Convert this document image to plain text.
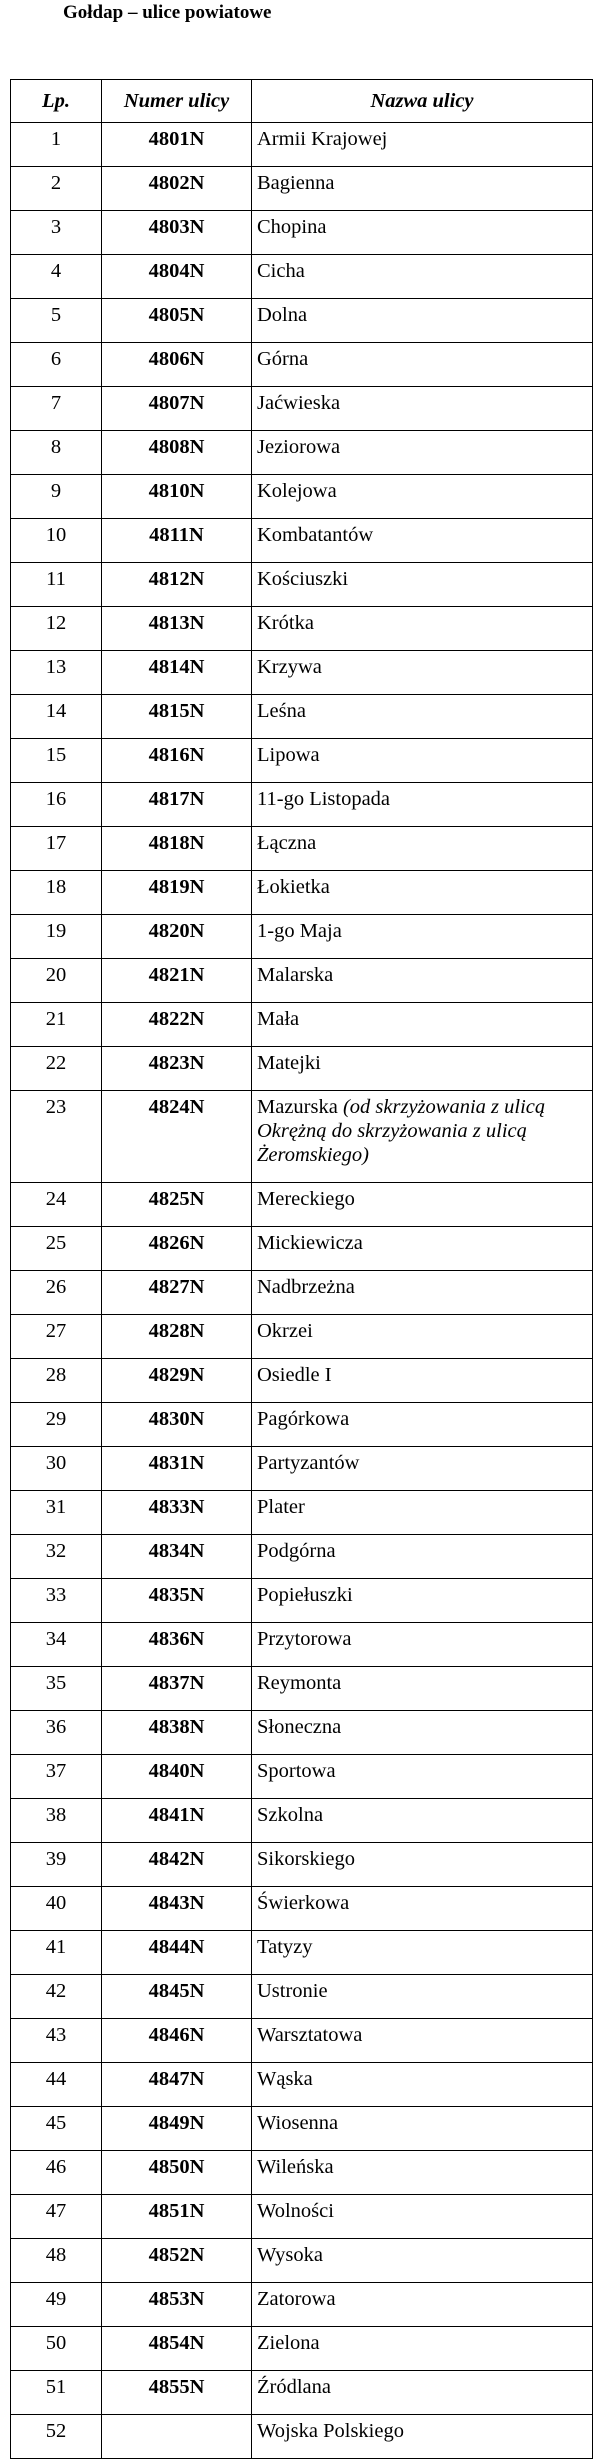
Gołdap – ulice powiatowe
Lp.	Numer ulicy	Nazwa ulicy
1	4801N	Armii Krajowej
2	4802N	Bagienna
3	4803N	Chopina
4	4804N	Cicha
5	4805N	Dolna
6	4806N	Górna
7	4807N	Jaćwieska
8	4808N	Jeziorowa
9	4810N	Kolejowa
10	4811N	Kombatantów
11	4812N	Kościuszki
12	4813N	Krótka
13	4814N	Krzywa
14	4815N	Leśna
15	4816N	Lipowa
16	4817N	11-go Listopada
17	4818N	Łączna
18	4819N	Łokietka
19	4820N	1-go Maja
20	4821N	Malarska
21	4822N	Mała
22	4823N	Matejki
23	4824N	Mazurska (od skrzyżowania z ulicą Okrężną do skrzyżowania z ulicą Żeromskiego)
24	4825N	Mereckiego
25	4826N	Mickiewicza
26	4827N	Nadbrzeżna
27	4828N	Okrzei
28	4829N	Osiedle I
29	4830N	Pagórkowa
30	4831N	Partyzantów
31	4833N	Plater
32	4834N	Podgórna
33	4835N	Popiełuszki
34	4836N	Przytorowa
35	4837N	Reymonta
36	4838N	Słoneczna
37	4840N	Sportowa
38	4841N	Szkolna
39	4842N	Sikorskiego
40	4843N	Świerkowa
41	4844N	Tatyzy
42	4845N	Ustronie
43	4846N	Warsztatowa
44	4847N	Wąska
45	4849N	Wiosenna
46	4850N	Wileńska
47	4851N	Wolności
48	4852N	Wysoka
49	4853N	Zatorowa
50	4854N	Zielona
51	4855N	Źródlana
52		Wojska Polskiego
